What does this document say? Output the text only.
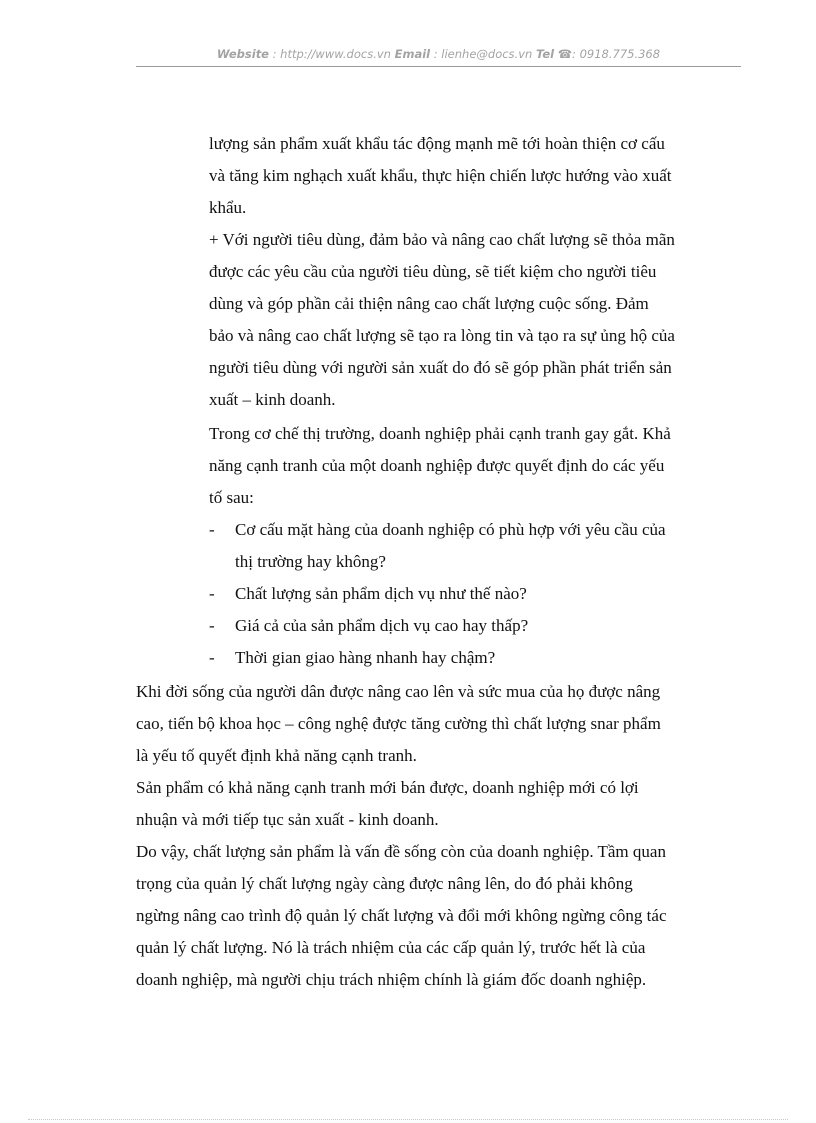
Website : http://www.docs.vn Email : lienhe@docs.vn Tel ☎: 0918.775.368
lượng sản phẩm xuất khẩu tác động mạnh mẽ tới hoàn thiện cơ cấu
và tăng kim nghạch xuất khẩu, thực hiện chiến lược hướng vào xuất
khẩu.
+ Với người tiêu dùng, đảm bảo và nâng cao chất lượng sẽ thỏa mãn
được các yêu cầu của người tiêu dùng, sẽ tiết kiệm cho người tiêu
dùng và góp phần cải thiện nâng cao chất lượng cuộc sống. Đảm
bảo và nâng cao chất lượng sẽ tạo ra lòng tin và tạo ra sự ủng hộ của
người tiêu dùng với người sản xuất do đó sẽ góp phần phát triển sản
xuất – kinh doanh.
Trong cơ chế thị trường, doanh nghiệp phải cạnh tranh gay gắt. Khả
năng cạnh tranh của một doanh nghiệp được quyết định do các yếu
tố sau:
- Cơ cấu mặt hàng của doanh nghiệp có phù hợp với yêu cầu của
thị trường hay không?
- Chất lượng sản phẩm dịch vụ như thế nào?
- Giá cả của sản phẩm dịch vụ cao hay thấp?
- Thời gian giao hàng nhanh hay chậm?
Khi đời sống của người dân được nâng cao lên và sức mua của họ được nâng
cao, tiến bộ khoa học – công nghệ được tăng cường thì chất lượng snar phẩm
là yếu tố quyết định khả năng cạnh tranh.
Sản phẩm có khả năng cạnh tranh mới bán được, doanh nghiệp mới có lợi
nhuận và mới tiếp tục sản xuất - kinh doanh.
Do vậy, chất lượng sản phẩm là vấn đề sống còn của doanh nghiệp. Tầm quan
trọng của quản lý chất lượng ngày càng được nâng lên, do đó phải không
ngừng nâng cao trình độ quản lý chất lượng và đổi mới không ngừng công tác
quản lý chất lượng. Nó là trách nhiệm của các cấp quản lý, trước hết là của
doanh nghiệp, mà người chịu trách nhiệm chính là giám đốc doanh nghiệp.
